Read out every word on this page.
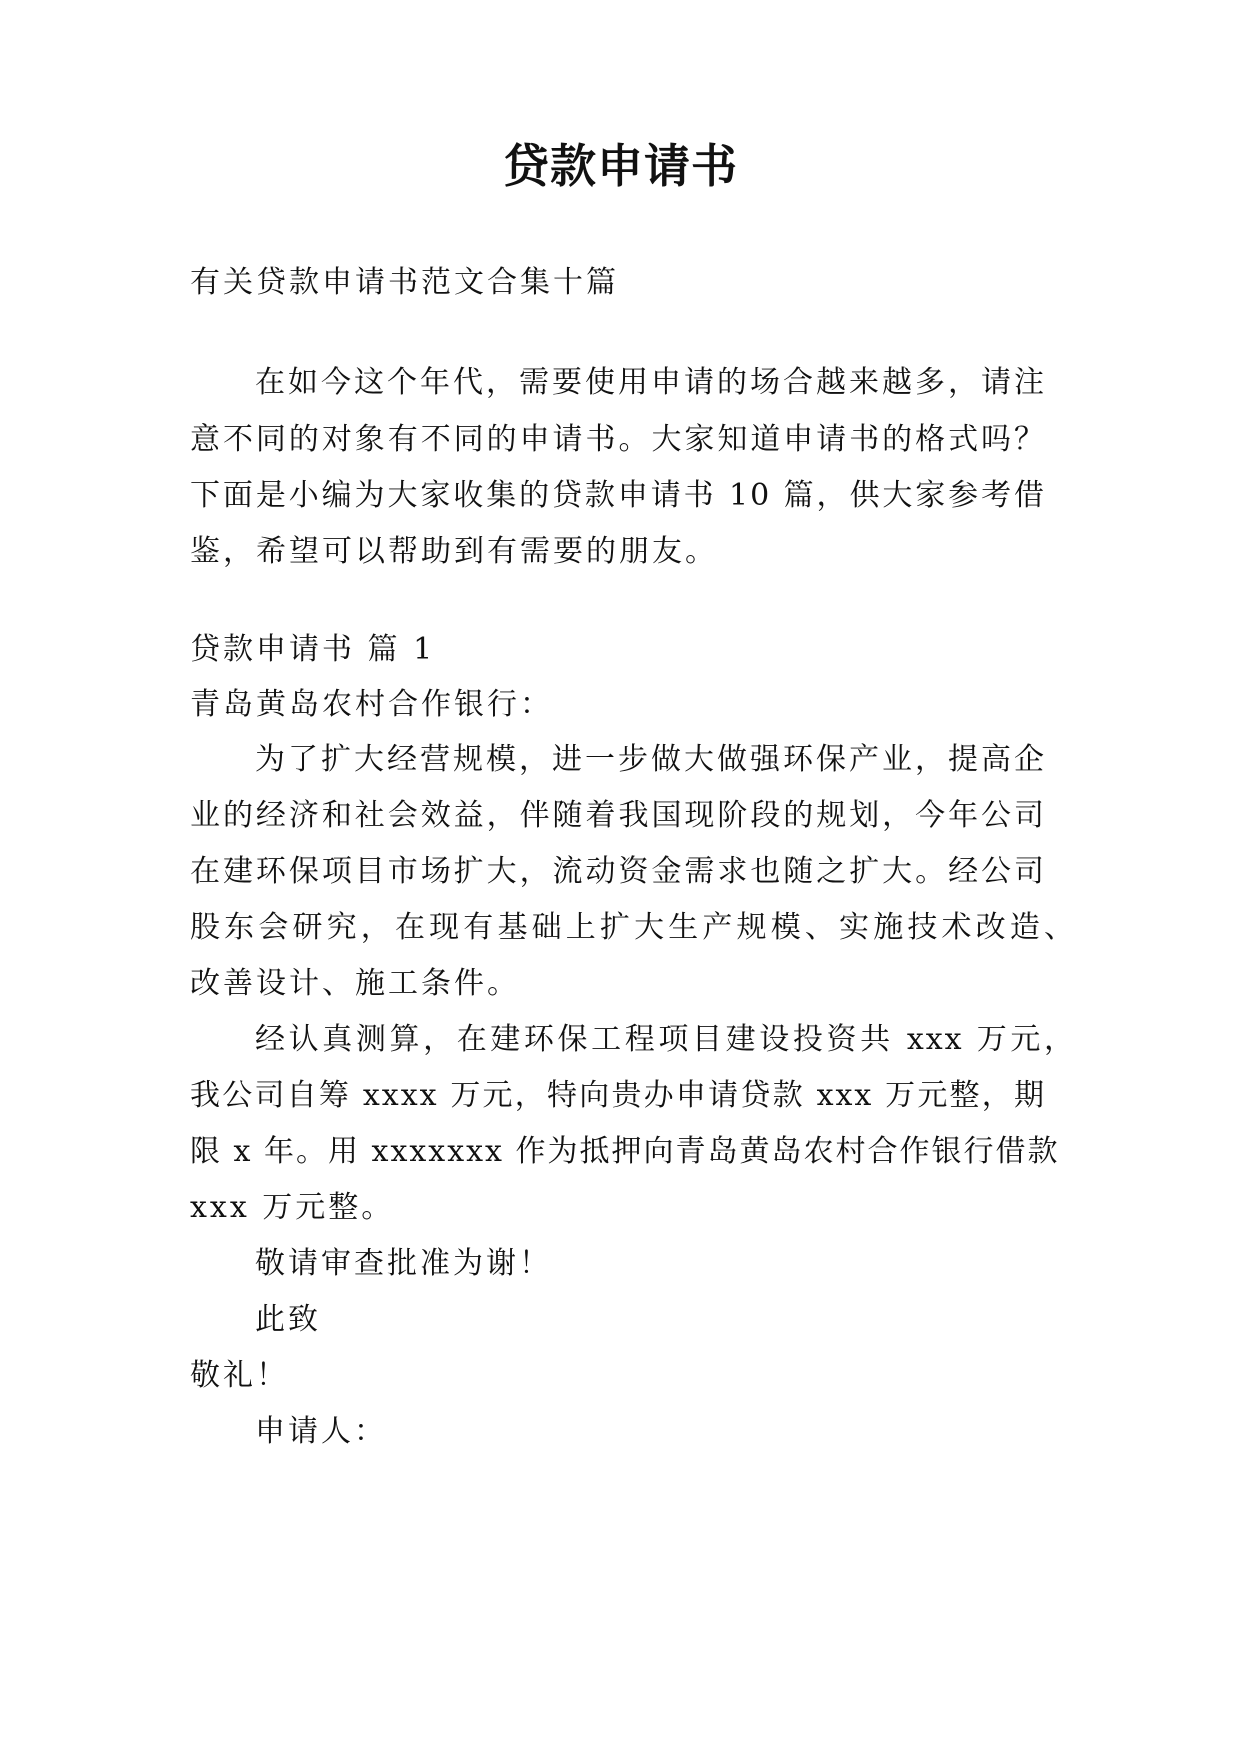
贷款申请书
有关贷款申请书范文合集十篇
在如今这个年代，需要使用申请的场合越来越多，请注
意不同的对象有不同的申请书。大家知道申请书的格式吗？
下面是小编为大家收集的贷款申请书 10 篇，供大家参考借
鉴，希望可以帮助到有需要的朋友。
贷款申请书 篇 1
青岛黄岛农村合作银行：
为了扩大经营规模，进一步做大做强环保产业，提高企
业的经济和社会效益，伴随着我国现阶段的规划，今年公司
在建环保项目市场扩大，流动资金需求也随之扩大。经公司
股东会研究，在现有基础上扩大生产规模、实施技术改造、
改善设计、施工条件。
经认真测算，在建环保工程项目建设投资共 xxx 万元，
我公司自筹 xxxx 万元，特向贵办申请贷款 xxx 万元整，期
限 x 年。用 xxxxxxx 作为抵押向青岛黄岛农村合作银行借款
xxx 万元整。
敬请审查批准为谢！
此致
敬礼！
申请人：
